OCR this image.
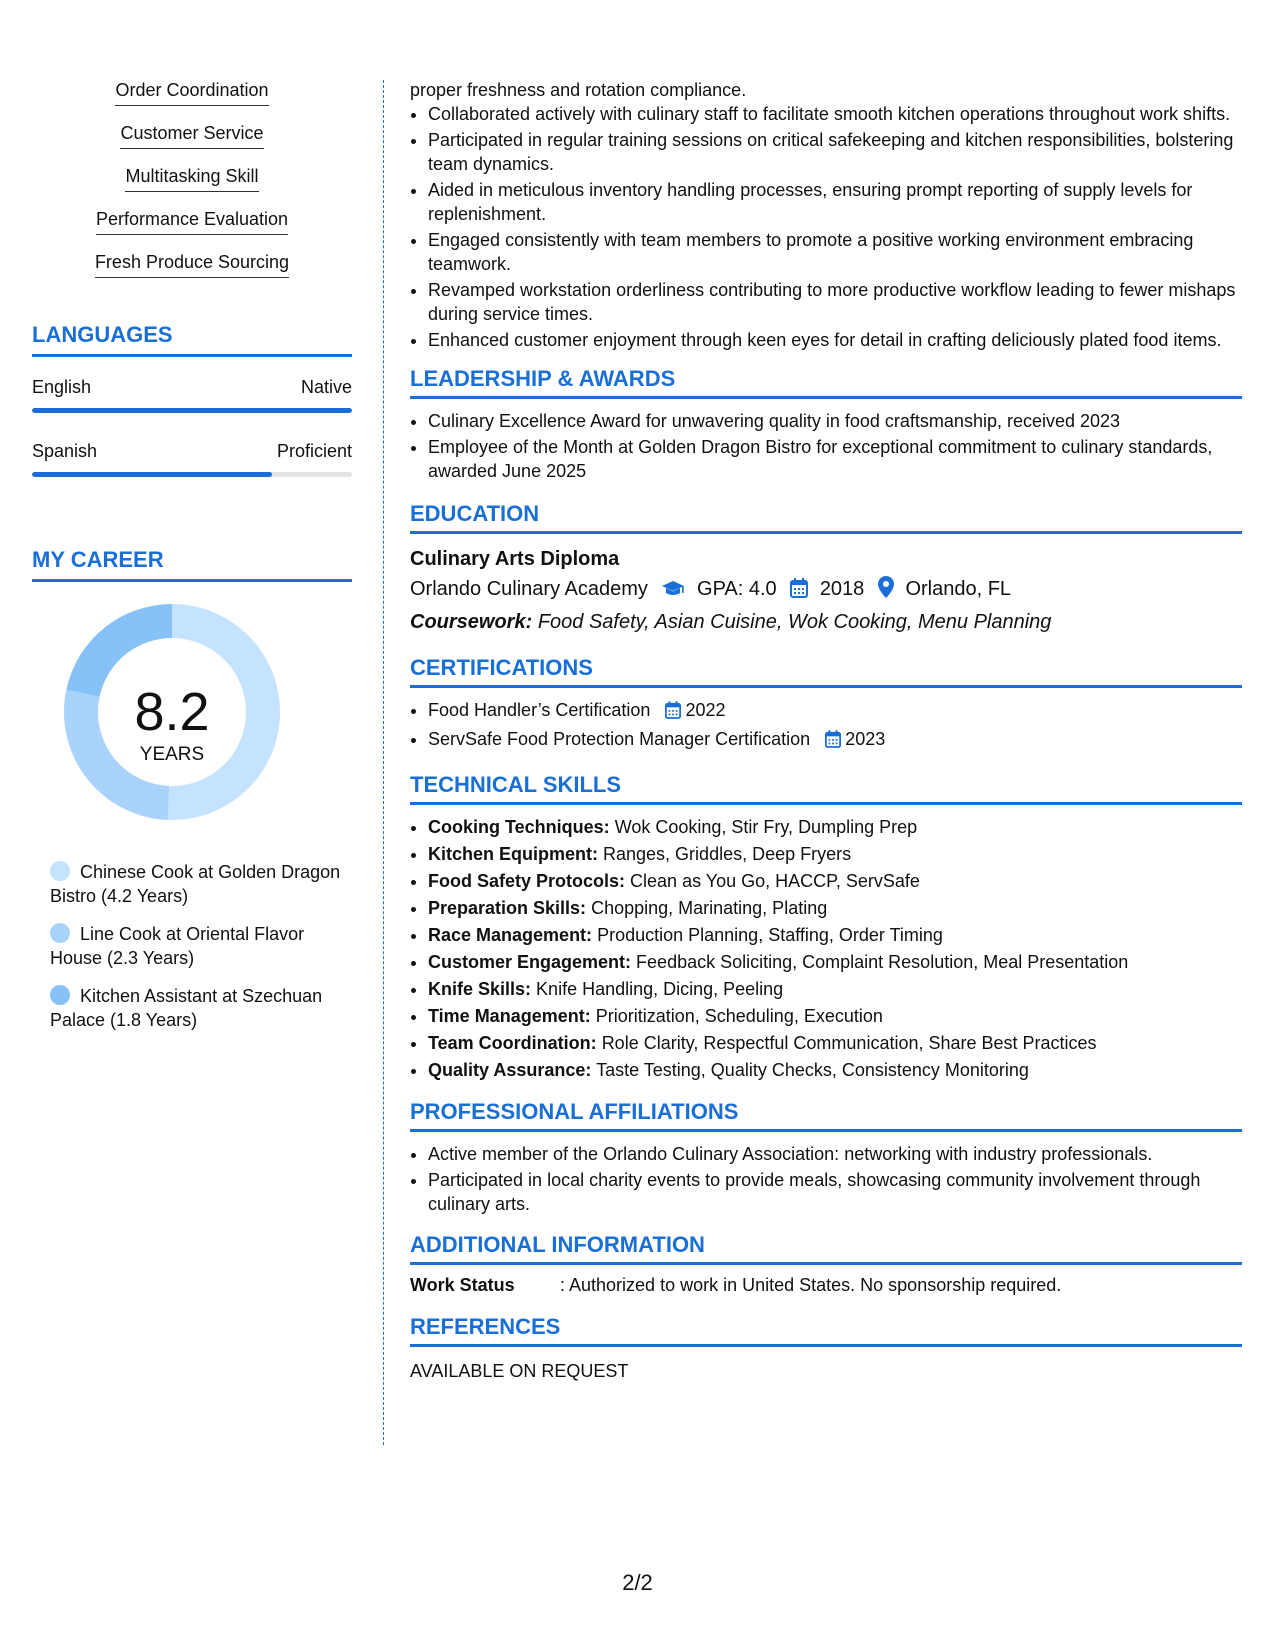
Order Coordination
Customer Service
Multitasking Skill
Performance Evaluation
Fresh Produce Sourcing
LANGUAGES
English	Native
Spanish	Proficient
MY CAREER
8.2
YEARS
Chinese Cook at Golden Dragon Bistro (4.2 Years)
Line Cook at Oriental Flavor House (2.3 Years)
Kitchen Assistant at Szechuan Palace (1.8 Years)
proper freshness and rotation compliance.
• Collaborated actively with culinary staff to facilitate smooth kitchen operations throughout work shifts.
• Participated in regular training sessions on critical safekeeping and kitchen responsibilities, bolstering team dynamics.
• Aided in meticulous inventory handling processes, ensuring prompt reporting of supply levels for replenishment.
• Engaged consistently with team members to promote a positive working environment embracing teamwork.
• Revamped workstation orderliness contributing to more productive workflow leading to fewer mishaps during service times.
• Enhanced customer enjoyment through keen eyes for detail in crafting deliciously plated food items.
LEADERSHIP & AWARDS
• Culinary Excellence Award for unwavering quality in food craftsmanship, received 2023
• Employee of the Month at Golden Dragon Bistro for exceptional commitment to culinary standards, awarded June 2025
EDUCATION
Culinary Arts Diploma
Orlando Culinary Academy GPA: 4.0 2018 Orlando, FL
Coursework: Food Safety, Asian Cuisine, Wok Cooking, Menu Planning
CERTIFICATIONS
• Food Handler’s Certification 2022
• ServSafe Food Protection Manager Certification 2023
TECHNICAL SKILLS
• Cooking Techniques: Wok Cooking, Stir Fry, Dumpling Prep
• Kitchen Equipment: Ranges, Griddles, Deep Fryers
• Food Safety Protocols: Clean as You Go, HACCP, ServSafe
• Preparation Skills: Chopping, Marinating, Plating
• Race Management: Production Planning, Staffing, Order Timing
• Customer Engagement: Feedback Soliciting, Complaint Resolution, Meal Presentation
• Knife Skills: Knife Handling, Dicing, Peeling
• Time Management: Prioritization, Scheduling, Execution
• Team Coordination: Role Clarity, Respectful Communication, Share Best Practices
• Quality Assurance: Taste Testing, Quality Checks, Consistency Monitoring
PROFESSIONAL AFFILIATIONS
• Active member of the Orlando Culinary Association: networking with industry professionals.
• Participated in local charity events to provide meals, showcasing community involvement through culinary arts.
ADDITIONAL INFORMATION
Work Status	: Authorized to work in United States. No sponsorship required.
REFERENCES
AVAILABLE ON REQUEST
2/2
